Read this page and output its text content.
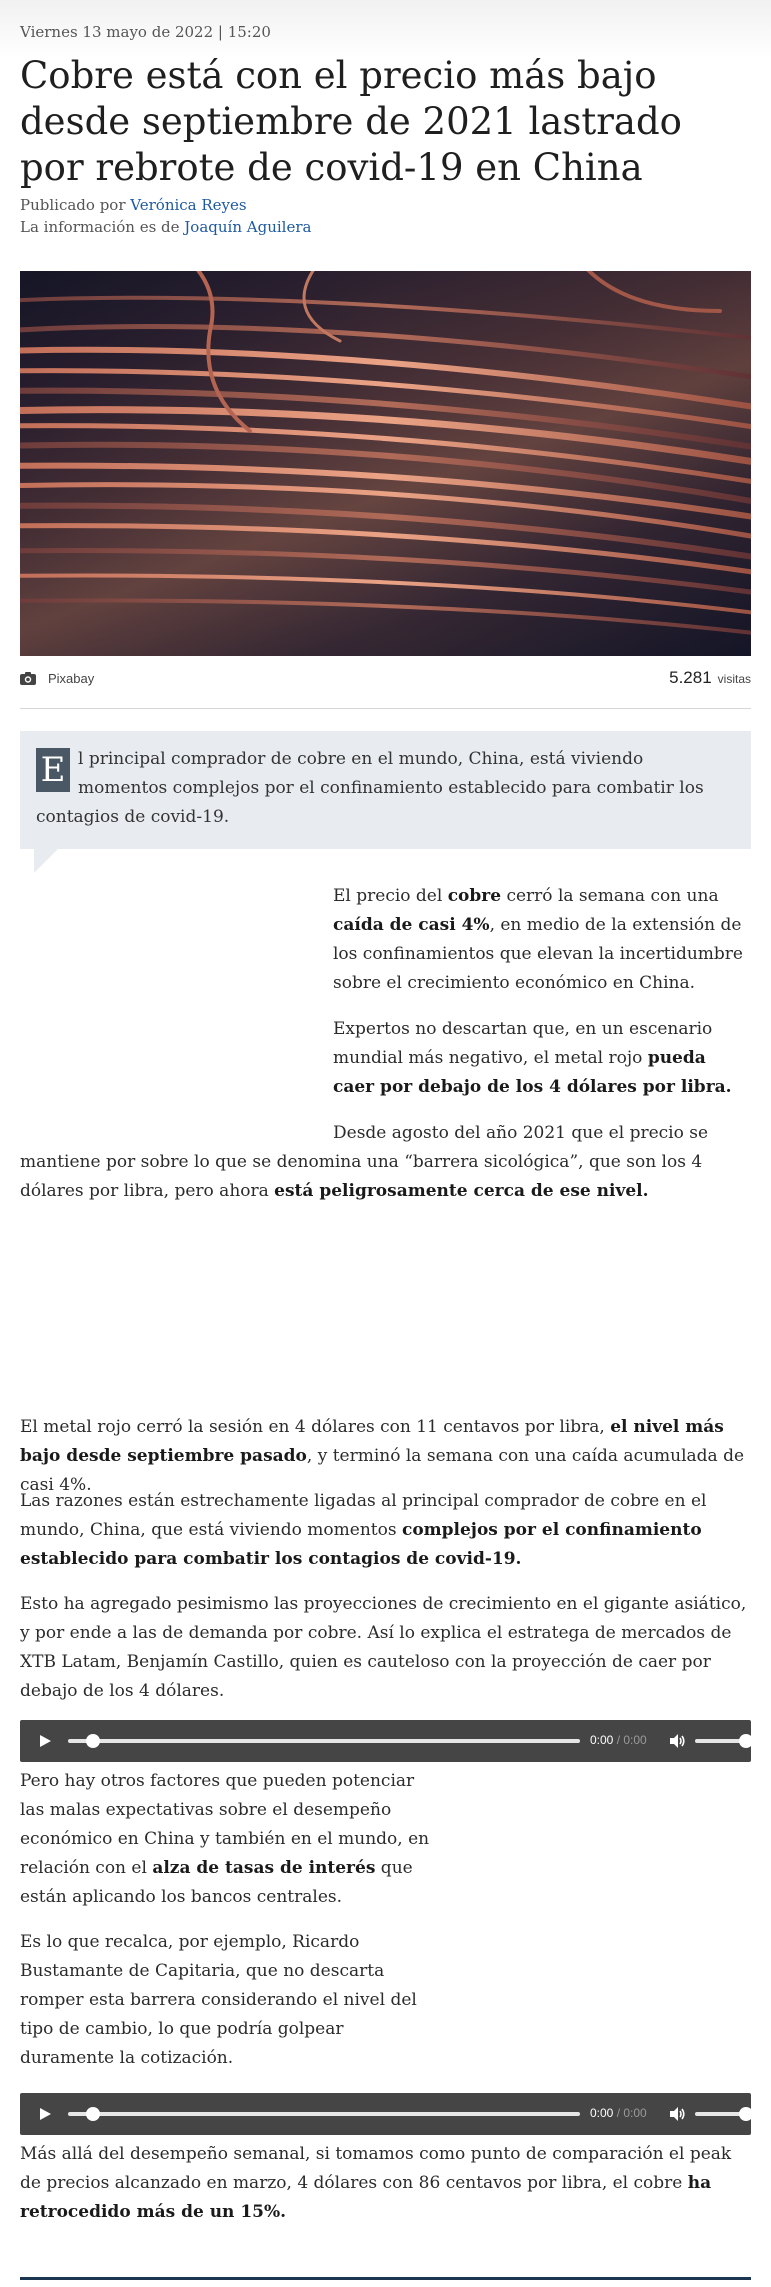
Viernes 13 mayo de 2022 | 15:20
Cobre está con el precio más bajo desde septiembre de 2021 lastrado por rebrote de covid-19 en China
Publicado por Verónica Reyes
La información es de Joaquín Aguilera
Pixabay	5.281 visitas

E l principal comprador de cobre en el mundo, China, está viviendo momentos complejos por el confinamiento establecido para combatir los contagios de covid-19.

El precio del cobre cerró la semana con una caída de casi 4%, en medio de la extensión de los confinamientos que elevan la incertidumbre sobre el crecimiento económico en China.

Expertos no descartan que, en un escenario mundial más negativo, el metal rojo pueda caer por debajo de los 4 dólares por libra.

Desde agosto del año 2021 que el precio se mantiene por sobre lo que se denomina una “barrera sicológica”, que son los 4 dólares por libra, pero ahora está peligrosamente cerca de ese nivel.

El metal rojo cerró la sesión en 4 dólares con 11 centavos por libra, el nivel más bajo desde septiembre pasado, y terminó la semana con una caída acumulada de casi 4%.

Las razones están estrechamente ligadas al principal comprador de cobre en el mundo, China, que está viviendo momentos complejos por el confinamiento establecido para combatir los contagios de covid-19.

Esto ha agregado pesimismo las proyecciones de crecimiento en el gigante asiático, y por ende a las de demanda por cobre. Así lo explica el estratega de mercados de XTB Latam, Benjamín Castillo, quien es cauteloso con la proyección de caer por debajo de los 4 dólares.

0:00 / 0:00

Pero hay otros factores que pueden potenciar las malas expectativas sobre el desempeño económico en China y también en el mundo, en relación con el alza de tasas de interés que están aplicando los bancos centrales.

Es lo que recalca, por ejemplo, Ricardo Bustamante de Capitaria, que no descarta romper esta barrera considerando el nivel del tipo de cambio, lo que podría golpear duramente la cotización.

0:00 / 0:00

Más allá del desempeño semanal, si tomamos como punto de comparación el peak de precios alcanzado en marzo, 4 dólares con 86 centavos por libra, el cobre ha retrocedido más de un 15%.
